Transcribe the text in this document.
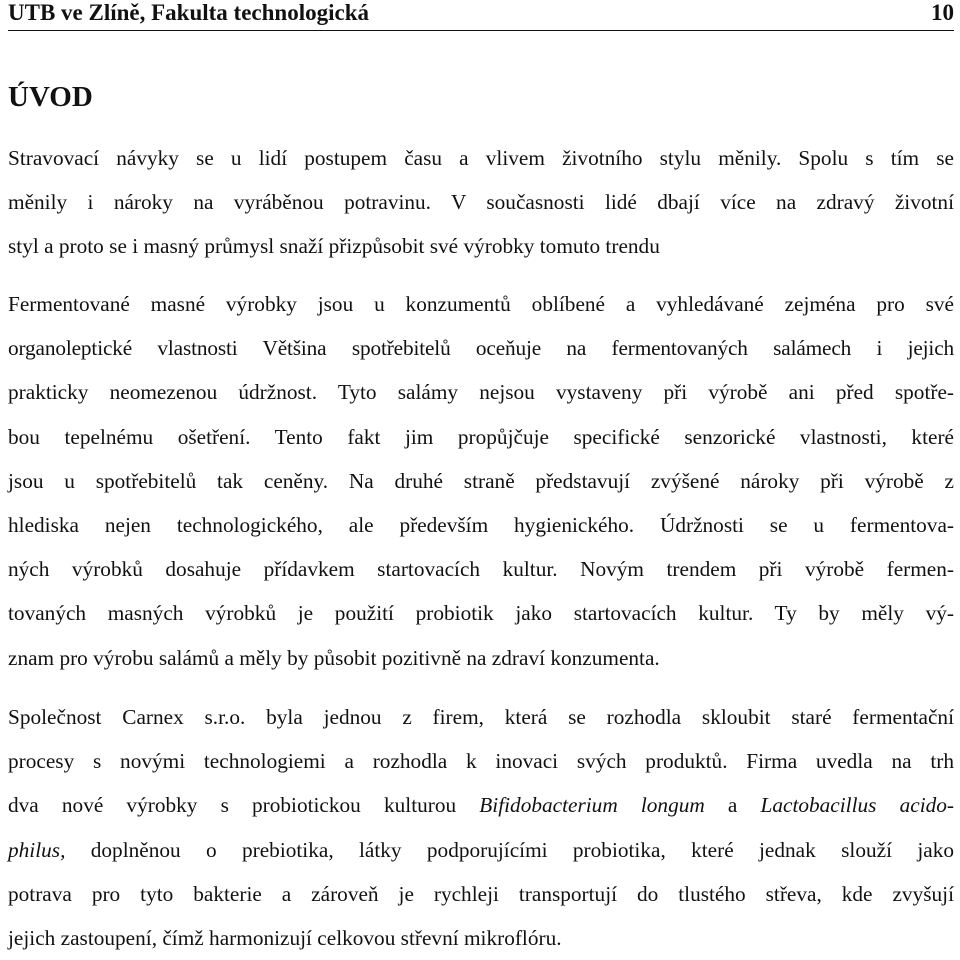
UTB ve Zlíně, Fakulta technologická	10
ÚVOD

Stravovací návyky se u lidí postupem času a vlivem životního stylu měnily. Spolu s tím se
měnily i nároky na vyráběnou potravinu. V současnosti lidé dbají více na zdravý životní
styl a proto se i masný průmysl snaží přizpůsobit své výrobky tomuto trendu

Fermentované masné výrobky jsou u konzumentů oblíbené a vyhledávané zejména pro své
organoleptické vlastnosti Většina spotřebitelů oceňuje na fermentovaných salámech i jejich
prakticky neomezenou údržnost. Tyto salámy nejsou vystaveny při výrobě ani před spotře-
bou tepelnému ošetření. Tento fakt jim propůjčuje specifické senzorické vlastnosti, které
jsou u spotřebitelů tak ceněny. Na druhé straně představují zvýšené nároky při výrobě z
hlediska nejen technologického, ale především hygienického. Údržnosti se u fermentova-
ných výrobků dosahuje přídavkem startovacích kultur. Novým trendem při výrobě fermen-
tovaných masných výrobků je použití probiotik jako startovacích kultur. Ty by měly vý-
znam pro výrobu salámů a měly by působit pozitivně na zdraví konzumenta.

Společnost Carnex s.r.o. byla jednou z firem, která se rozhodla skloubit staré fermentační
procesy s novými technologiemi a rozhodla k inovaci svých produktů. Firma uvedla na trh
dva nové výrobky s probiotickou kulturou Bifidobacterium longum a Lactobacillus acido-
philus, doplněnou o prebiotika, látky podporujícími probiotika, které jednak slouží jako
potrava pro tyto bakterie a zároveň je rychleji transportují do tlustého střeva, kde zvyšují
jejich zastoupení, čímž harmonizují celkovou střevní mikroflóru.
